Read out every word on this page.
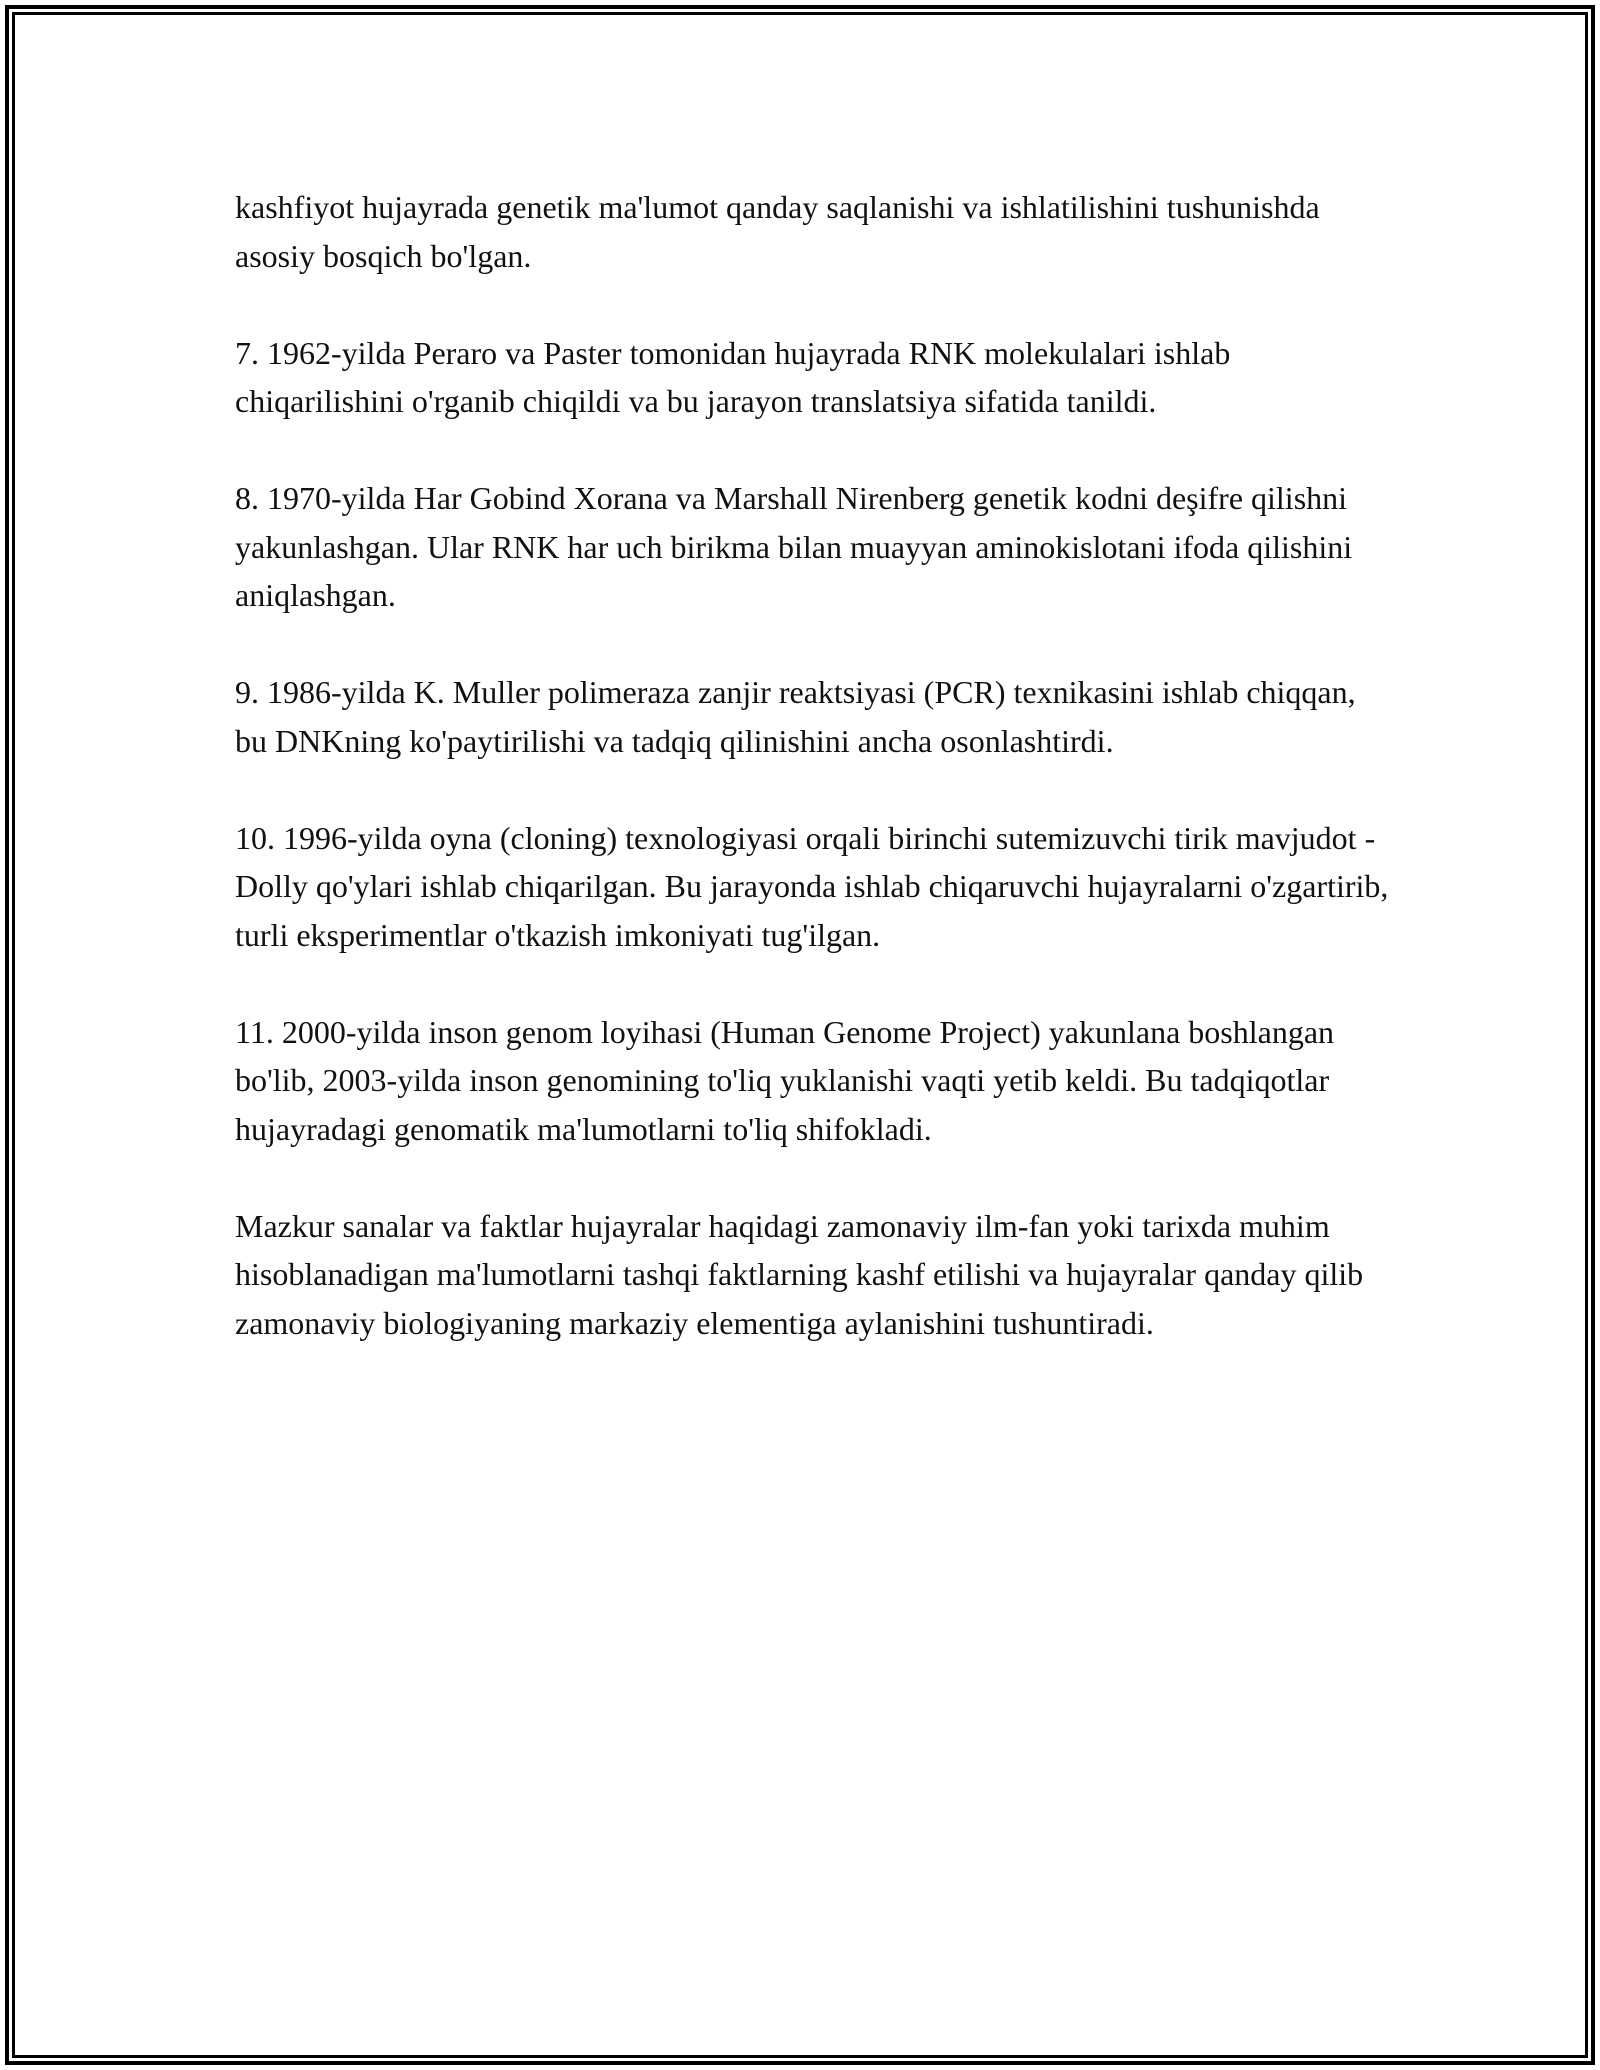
kashfiyot hujayrada genetik ma'lumot qanday saqlanishi va ishlatilishini tushunishda asosiy bosqich bo'lgan.

7. 1962-yilda Peraro va Paster tomonidan hujayrada RNK molekulalari ishlab chiqarilishini o'rganib chiqildi va bu jarayon translatsiya sifatida tanildi.

8. 1970-yilda Har Gobind Xorana va Marshall Nirenberg genetik kodni deşifre qilishni yakunlashgan. Ular RNK har uch birikma bilan muayyan aminokislotani ifoda qilishini aniqlashgan.

9. 1986-yilda K. Muller polimeraza zanjir reaktsiyasi (PCR) texnikasini ishlab chiqqan, bu DNKning ko'paytirilishi va tadqiq qilinishini ancha osonlashtirdi.

10. 1996-yilda oyna (cloning) texnologiyasi orqali birinchi sutemizuvchi tirik mavjudot - Dolly qo'ylari ishlab chiqarilgan. Bu jarayonda ishlab chiqaruvchi hujayralarni o'zgartirib, turli eksperimentlar o'tkazish imkoniyati tug'ilgan.

11. 2000-yilda inson genom loyihasi (Human Genome Project) yakunlana boshlangan bo'lib, 2003-yilda inson genomining to'liq yuklanishi vaqti yetib keldi. Bu tadqiqotlar hujayradagi genomatik ma'lumotlarni to'liq shifokladi.

Mazkur sanalar va faktlar hujayralar haqidagi zamonaviy ilm-fan yoki tarixda muhim hisoblanadigan ma'lumotlarni tashqi faktlarning kashf etilishi va hujayralar qanday qilib zamonaviy biologiyaning markaziy elementiga aylanishini tushuntiradi.
